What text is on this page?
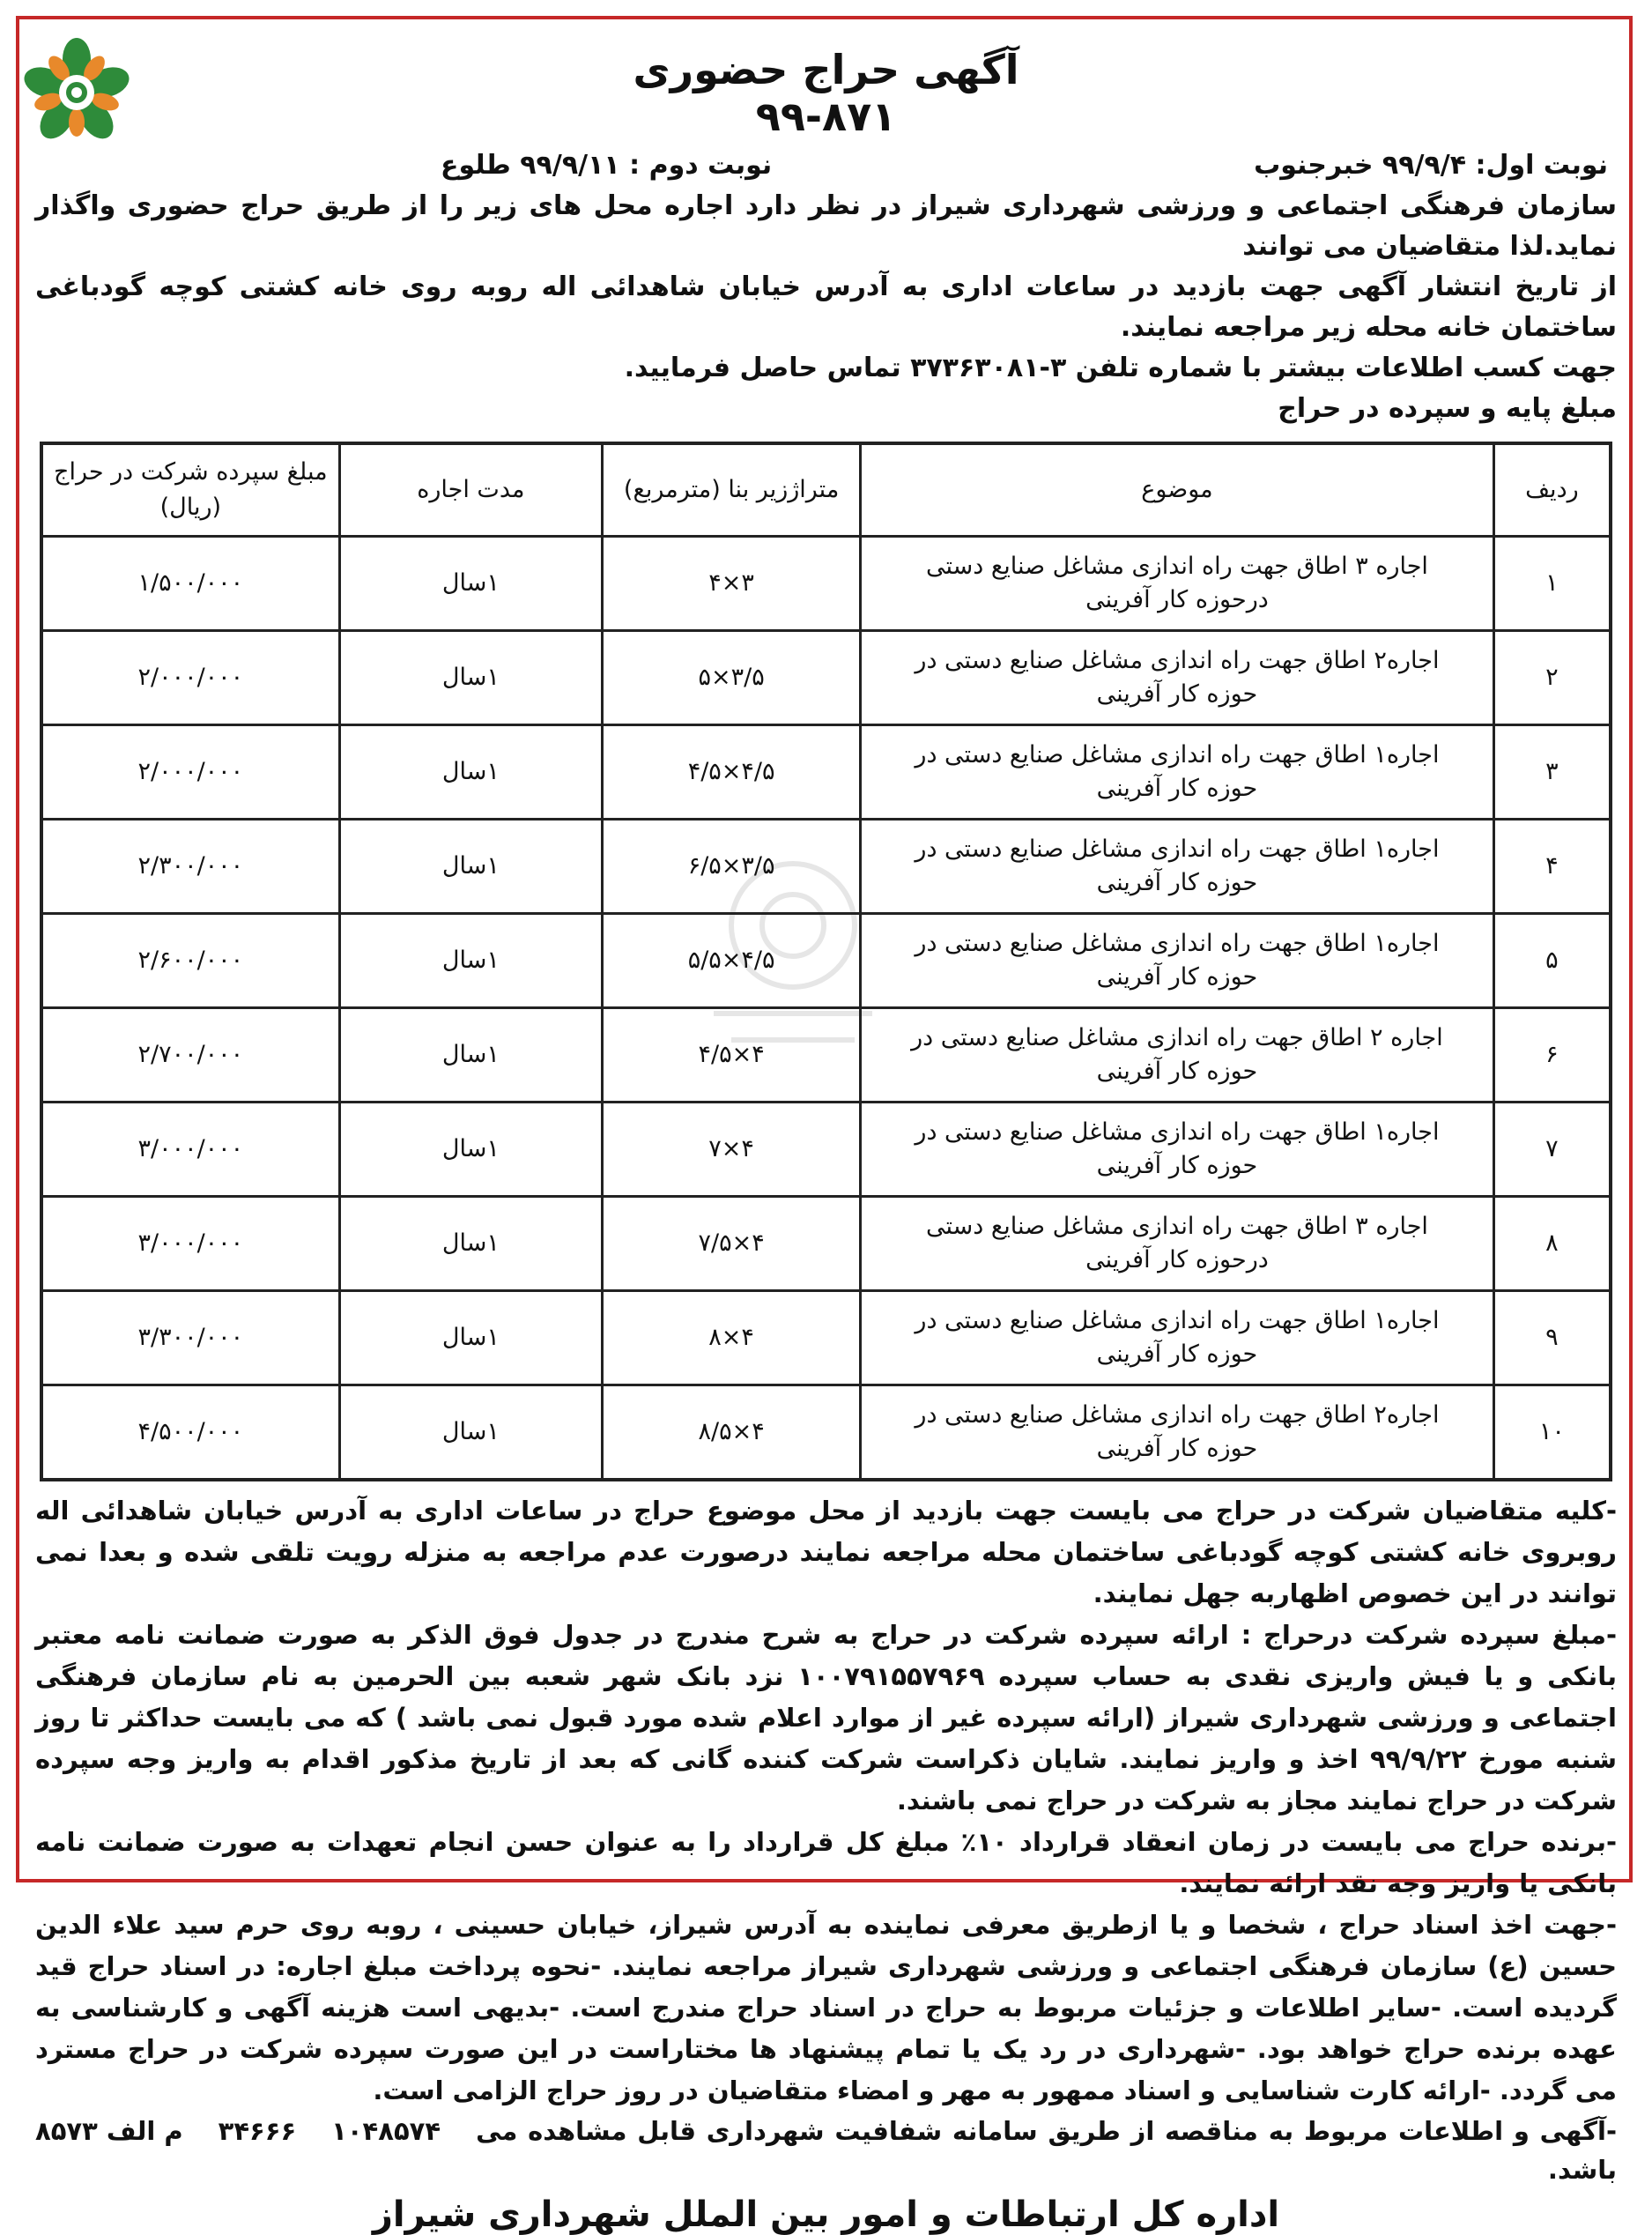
آگهی حراج حضوری
۹۹-۸۷۱
نوبت اول: ۹۹/۹/۴ خبرجنوب
نوبت دوم : ۹۹/۹/۱۱ طلوع

سازمان فرهنگی اجتماعی و ورزشی شهرداری شیراز در نظر دارد اجاره محل های زیر را از طریق حراج حضوری واگذار نماید.لذا متقاضیان می توانند

از تاریخ انتشار آگهی جهت بازدید در ساعات اداری به آدرس خیابان شاهدائی اله روبه روی خانه کشتی کوچه گودباغی ساختمان خانه محله زیر مراجعه نمایند.

جهت کسب اطلاعات بیشتر با شماره تلفن ۳-۳۷۳۶۳۰۸۱ تماس حاصل فرمایید.

مبلغ پایه و سپرده در حراج

ردیف	موضوع	متراژزیر بنا (مترمربع)	مدت اجاره	مبلغ سپرده شرکت در حراج (ریال)
۱	اجاره ۳ اطاق جهت راه اندازی مشاغل صنایع دستی درحوزه کار آفرینی	۳×۴	۱سال	۱/۵۰۰/۰۰۰
۲	اجاره۲ اطاق جهت راه اندازی مشاغل صنایع دستی در حوزه کار آفرینی	۳/۵×۵	۱سال	۲/۰۰۰/۰۰۰
۳	اجاره۱ اطاق جهت راه اندازی مشاغل صنایع دستی در حوزه کار آفرینی	۴/۵×۴/۵	۱سال	۲/۰۰۰/۰۰۰
۴	اجاره۱ اطاق جهت راه اندازی مشاغل صنایع دستی در حوزه کار آفرینی	۳/۵×۶/۵	۱سال	۲/۳۰۰/۰۰۰
۵	اجاره۱ اطاق جهت راه اندازی مشاغل صنایع دستی در حوزه کار آفرینی	۴/۵×۵/۵	۱سال	۲/۶۰۰/۰۰۰
۶	اجاره ۲ اطاق جهت راه اندازی مشاغل صنایع دستی در حوزه کار آفرینی	۴×۴/۵	۱سال	۲/۷۰۰/۰۰۰
۷	اجاره۱ اطاق جهت راه اندازی مشاغل صنایع دستی در حوزه کار آفرینی	۴×۷	۱سال	۳/۰۰۰/۰۰۰
۸	اجاره ۳ اطاق جهت راه اندازی مشاغل صنایع دستی درحوزه کار آفرینی	۴×۷/۵	۱سال	۳/۰۰۰/۰۰۰
۹	اجاره۱ اطاق جهت راه اندازی مشاغل صنایع دستی در حوزه کار آفرینی	۴×۸	۱سال	۳/۳۰۰/۰۰۰
۱۰	اجاره۲ اطاق جهت راه اندازی مشاغل صنایع دستی در حوزه کار آفرینی	۴×۸/۵	۱سال	۴/۵۰۰/۰۰۰

-کلیه متقاضیان شرکت در حراج می بایست جهت بازدید از محل موضوع حراج در ساعات اداری به آدرس خیابان شاهدائی اله روبروی خانه کشتی کوچه گودباغی ساختمان محله مراجعه نمایند درصورت عدم مراجعه به منزله رویت تلقی شده و بعدا نمی توانند در این خصوص اظهاربه جهل نمایند.

-مبلغ سپرده شرکت درحراج : ارائه سپرده شرکت در حراج به شرح مندرج در جدول فوق الذکر به صورت ضمانت نامه معتبر بانکی و یا فیش واریزی نقدی به حساب سپرده ۱۰۰۷۹۱۵۵۷۹۶۹ نزد بانک شهر شعبه بین الحرمین به نام سازمان فرهنگی اجتماعی و ورزشی شهرداری شیراز (ارائه سپرده غیر از موارد اعلام شده مورد قبول نمی باشد ) که می بایست حداکثر تا روز شنبه مورخ ۹۹/۹/۲۲ اخذ و واریز نمایند. شایان ذکراست شرکت کننده گانی که بعد از تاریخ مذکور اقدام به واریز وجه سپرده شرکت در حراج نمایند مجاز به شرکت در حراج نمی باشند.

-برنده حراج می بایست در زمان انعقاد قرارداد ۱۰٪ مبلغ کل قرارداد را به عنوان حسن انجام تعهدات به صورت ضمانت نامه بانکی یا واریز وجه نقد ارائه نمایند.

-جهت اخذ اسناد حراج ، شخصا و یا ازطریق معرفی نماینده به آدرس شیراز، خیابان حسینی ، روبه روی حرم سید علاء الدین حسین (ع) سازمان فرهنگی اجتماعی و ورزشی شهرداری شیراز مراجعه نمایند. -نحوه پرداخت مبلغ اجاره: در اسناد حراج قید گردیده است. -سایر اطلاعات و جزئیات مربوط به حراج در اسناد حراج مندرج است. -بدیهی است هزینه آگهی و کارشناسی به عهده برنده حراج خواهد بود. -شهرداری در رد یک یا تمام پیشنهاد ها مختاراست در این صورت سپرده شرکت در حراج مسترد می گردد. -ارائه کارت شناسایی و اسناد ممهور به مهر و امضاء متقاضیان در روز حراج الزامی است.

-آگهی و اطلاعات مربوط به مناقصه از طریق سامانه شفافیت شهرداری قابل مشاهده می باشد.
۱۰۴۸۵۷۴
۳۴۶۶۶
م الف ۸۵۷۳
اداره کل ارتباطات و امور بین الملل شهرداری شیراز
